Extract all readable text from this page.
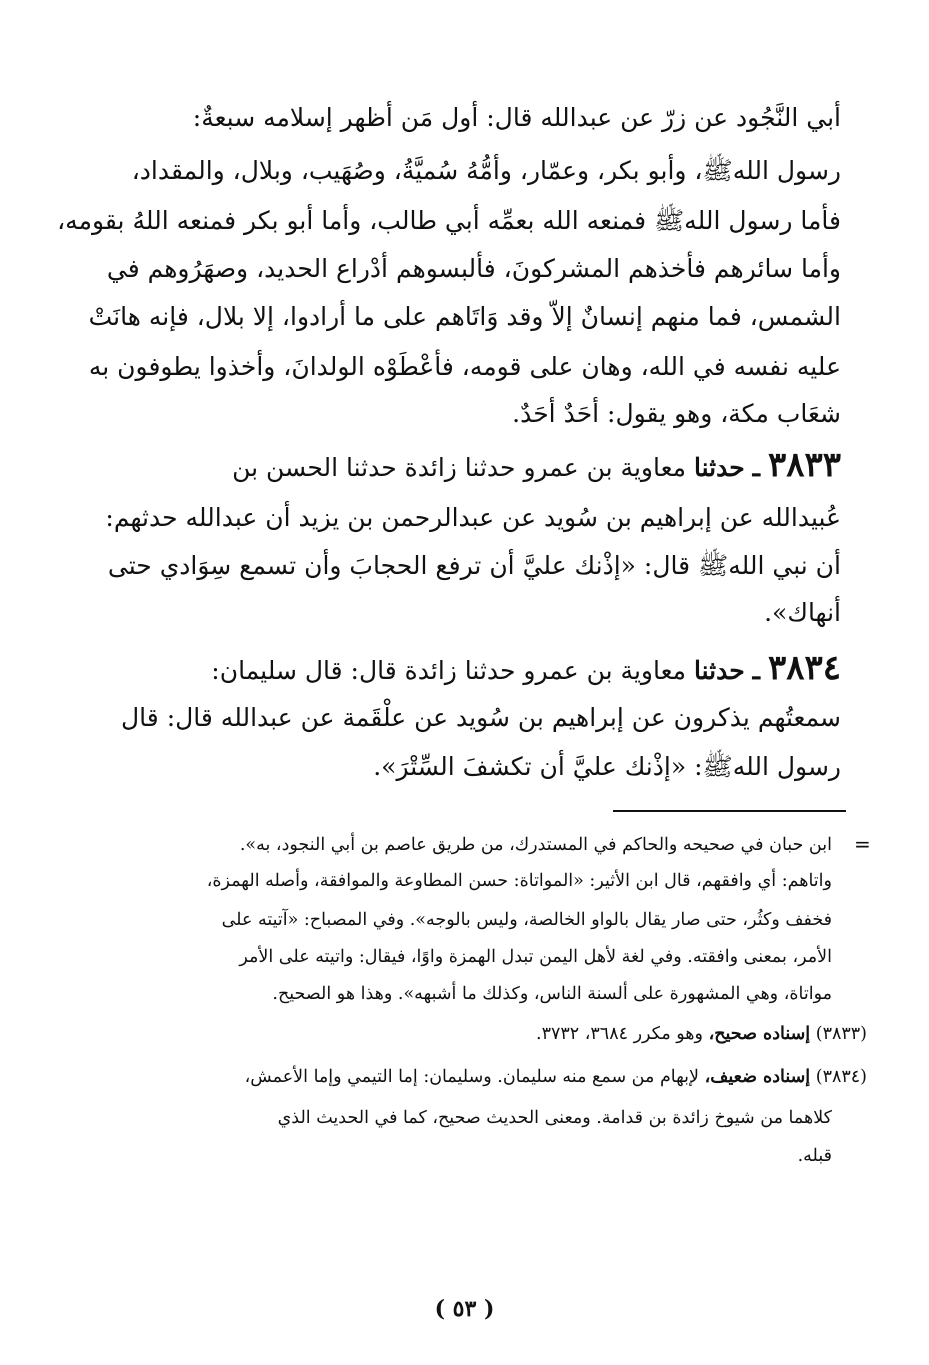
أبي النَّجُود عن زرّ عن عبدالله قال: أول مَن أظهر إسلامه سبعةٌ:
رسول اللهﷺ، وأبو بكر، وعمّار، وأمُّهُ سُميَّةُ، وصُهَيب، وبلال، والمقداد،
فأما رسول اللهﷺ فمنعه الله بعمِّه أبي طالب، وأما أبو بكر فمنعه اللهُ بقومه،
وأما سائرهم فأخذهم المشركونَ، فألبسوهم أدْراع الحديد، وصهَرُوهم في
الشمس، فما منهم إنسانٌ إلاّ وقد وَاتَاهم على ما أرادوا، إلا بلال، فإنه هانَتْ
عليه نفسه في الله، وهان على قومه، فأعْطَوْه الولدانَ، وأخذوا يطوفون به
شعَاب مكة، وهو يقول: أحَدٌ أحَدٌ.
٣٨٣٣ ـ حدثنا معاوية بن عمرو حدثنا زائدة حدثنا الحسن بن
عُبيدالله عن إبراهيم بن سُويد عن عبدالرحمن بن يزيد أن عبدالله حدثهم:
أن نبي اللهﷺ قال: «إذْنك عليَّ أن ترفع الحجابَ وأن تسمع سِوَادي حتى
أنهاك».
٣٨٣٤ ـ حدثنا معاوية بن عمرو حدثنا زائدة قال: قال سليمان:
سمعتُهم يذكرون عن إبراهيم بن سُويد عن علْقَمة عن عبدالله قال: قال
رسول اللهﷺ: «إذْنك عليَّ أن تكشفَ السِّتْرَ».
=
ابن حبان في صحيحه والحاكم في المستدرك، من طريق عاصم بن أبي النجود، به».
واتاهم: أي وافقهم، قال ابن الأثير: «المواتاة: حسن المطاوعة والموافقة، وأصله الهمزة،
فخفف وكثُر، حتى صار يقال بالواو الخالصة، وليس بالوجه». وفي المصباح: «آتيته على
الأمر، بمعنى وافقته. وفي لغة لأهل اليمن تبدل الهمزة واوًا، فيقال: واتيته على الأمر
مواتاة، وهي المشهورة على ألسنة الناس، وكذلك ما أشبهه». وهذا هو الصحيح.
(٣٨٣٣) إسناده صحيح، وهو مكرر ٣٦٨٤، ٣٧٣٢.
(٣٨٣٤) إسناده ضعيف، لإبهام من سمع منه سليمان. وسليمان: إما التيمي وإما الأعمش،
كلاهما من شيوخ زائدة بن قدامة. ومعنى الحديث صحيح، كما في الحديث الذي
قبله.
( ٥٣ )
